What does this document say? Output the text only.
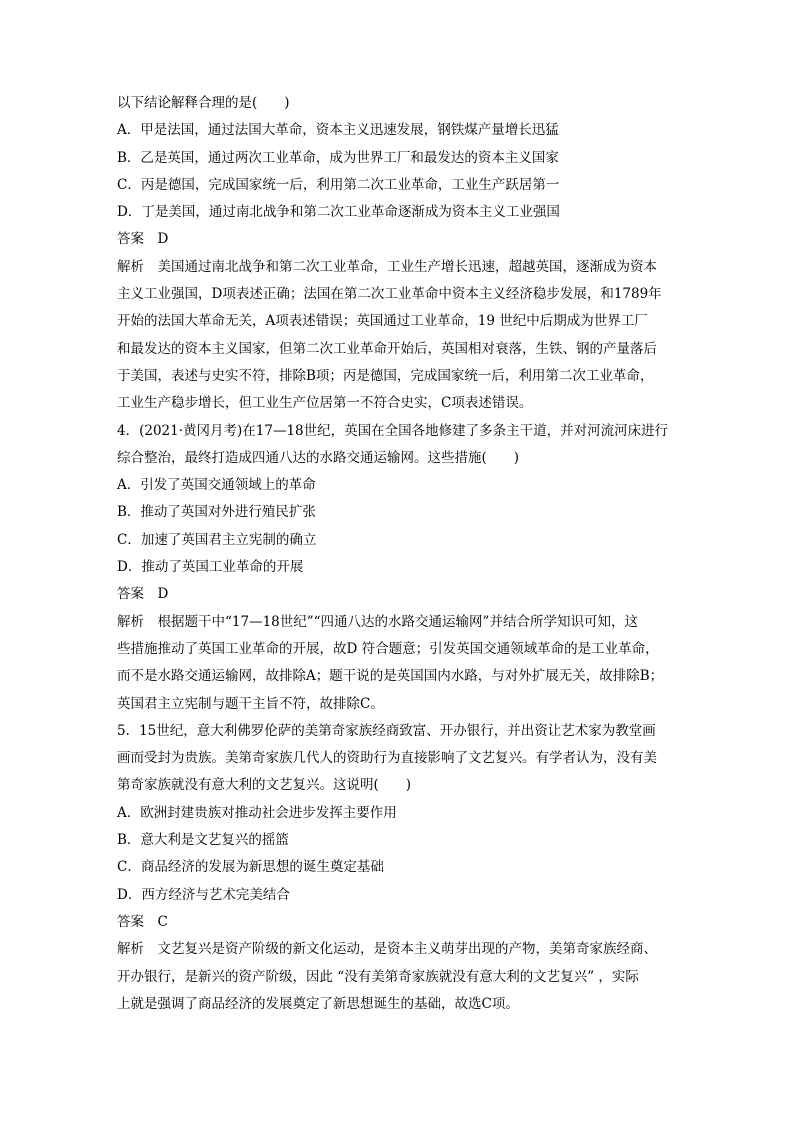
以下结论解释合理的是(　　)
A．甲是法国，通过法国大革命，资本主义迅速发展，钢铁煤产量增长迅猛
B．乙是英国，通过两次工业革命，成为世界工厂和最发达的资本主义国家
C．丙是德国，完成国家统一后，利用第二次工业革命，工业生产跃居第一
D．丁是美国，通过南北战争和第二次工业革命逐渐成为资本主义工业强国
答案　D
解析　美国通过南北战争和第二次工业革命，工业生产增长迅速，超越英国，逐渐成为资本
主义工业强国，D项表述正确；法国在第二次工业革命中资本主义经济稳步发展，和1789年
开始的法国大革命无关，A项表述错误；英国通过工业革命，19 世纪中后期成为世界工厂
和最发达的资本主义国家，但第二次工业革命开始后，英国相对衰落，生铁、钢的产量落后
于美国，表述与史实不符，排除B项；丙是德国，完成国家统一后，利用第二次工业革命，
工业生产稳步增长，但工业生产位居第一不符合史实，C项表述错误。
4．(2021·黄冈月考)在17—18世纪，英国在全国各地修建了多条主干道，并对河流河床进行
综合整治，最终打造成四通八达的水路交通运输网。这些措施(　　)
A．引发了英国交通领域上的革命
B．推动了英国对外进行殖民扩张
C．加速了英国君主立宪制的确立
D．推动了英国工业革命的开展
答案　D
解析　根据题干中“17—18世纪”“四通八达的水路交通运输网”并结合所学知识可知，这
些措施推动了英国工业革命的开展，故D 符合题意；引发英国交通领域革命的是工业革命，
而不是水路交通运输网，故排除A；题干说的是英国国内水路，与对外扩展无关，故排除B；
英国君主立宪制与题干主旨不符，故排除C。
5．15世纪，意大利佛罗伦萨的美第奇家族经商致富、开办银行，并出资让艺术家为教堂画
画而受封为贵族。美第奇家族几代人的资助行为直接影响了文艺复兴。有学者认为，没有美
第奇家族就没有意大利的文艺复兴。这说明(　　)
A．欧洲封建贵族对推动社会进步发挥主要作用
B．意大利是文艺复兴的摇篮
C．商品经济的发展为新思想的诞生奠定基础
D．西方经济与艺术完美结合
答案　C
解析　文艺复兴是资产阶级的新文化运动，是资本主义萌芽出现的产物，美第奇家族经商、
开办银行，是新兴的资产阶级，因此 “没有美第奇家族就没有意大利的文艺复兴” ，实际
上就是强调了商品经济的发展奠定了新思想诞生的基础，故选C项。
